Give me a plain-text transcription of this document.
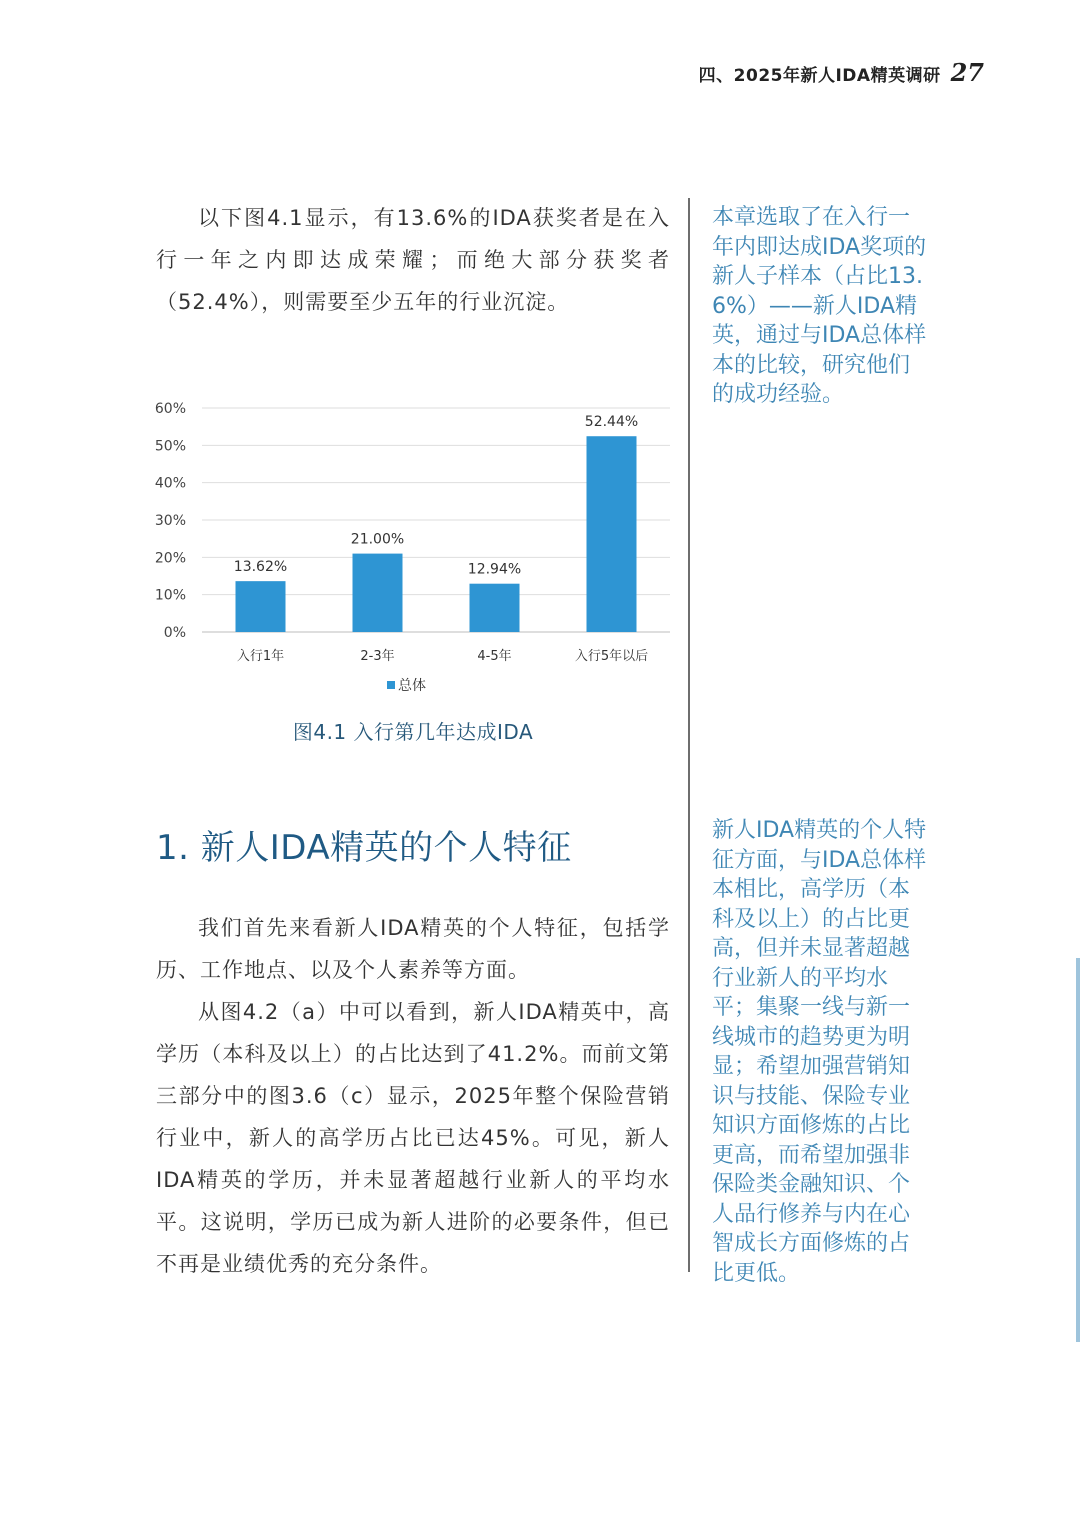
四、2025年新人IDA精英调研 27

以下图4.1显示，有13.6%的IDA获奖者是在入行一年之内即达成荣耀；而绝大部分获奖者（52.4%），则需要至少五年的行业沉淀。

0%
10%
20%
30%
40%
50%
60%
13.62%
入行1年
21.00%
2-3年
12.94%
4-5年
52.44%
入行5年以后
总体
图4.1 入行第几年达成IDA
1. 新人IDA精英的个人特征

我们首先来看新人IDA精英的个人特征，包括学历、工作地点、以及个人素养等方面。

从图4.2（a）中可以看到，新人IDA精英中，高学历（本科及以上）的占比达到了41.2%。而前文第三部分中的图3.6（c）显示，2025年整个保险营销行业中，新人的高学历占比已达45%。可见，新人IDA精英的学历，并未显著超越行业新人的平均水平。这说明，学历已成为新人进阶的必要条件，但已不再是业绩优秀的充分条件。

本章选取了在入行一年内即达成IDA奖项的新人子样本（占比13.6%）——新人IDA精英，通过与IDA总体样本的比较，研究他们的成功经验。

新人IDA精英的个人特征方面，与IDA总体样本相比，高学历（本科及以上）的占比更高，但并未显著超越行业新人的平均水平；集聚一线与新一线城市的趋势更为明显；希望加强营销知识与技能、保险专业知识方面修炼的占比更高，而希望加强非保险类金融知识、个人品行修养与内在心智成长方面修炼的占比更低。
